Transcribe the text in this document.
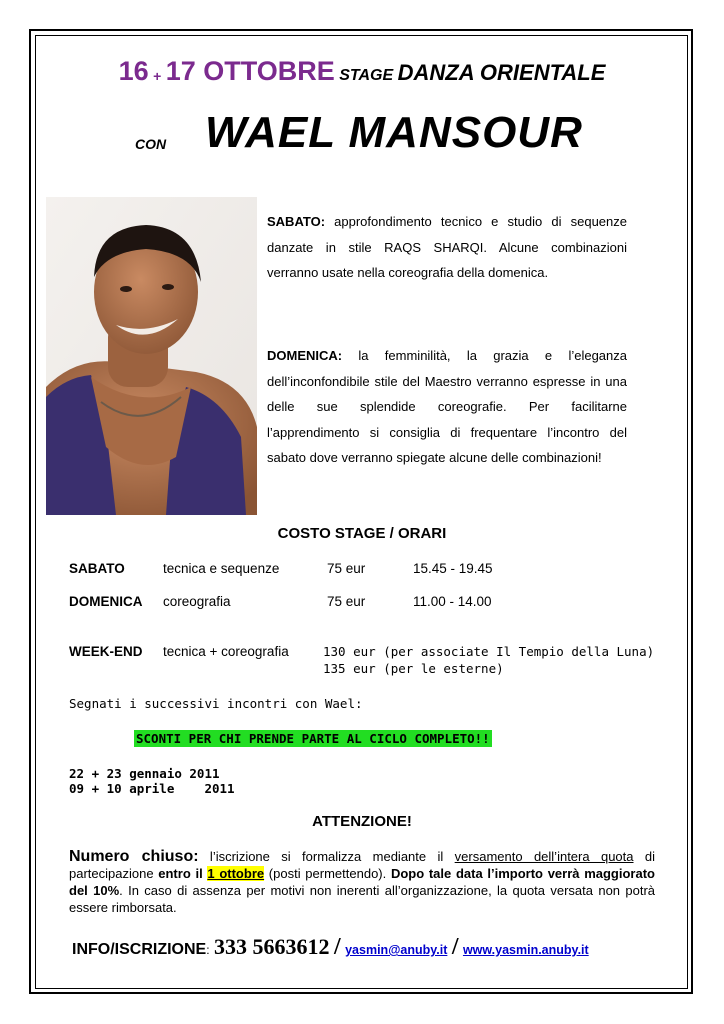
16 + 17 OTTOBRE STAGE DANZA ORIENTALE
CON WAEL MANSOUR
SABATO: approfondimento tecnico e studio di sequenze danzate in stile RAQS SHARQI. Alcune combinazioni verranno usate nella coreografia della domenica.
DOMENICA: la femminilità, la grazia e l’eleganza dell’inconfondibile stile del Maestro verranno espresse in una delle sue splendide coreografie. Per facilitarne l’apprendimento si consiglia di frequentare l’incontro del sabato dove verranno spiegate alcune delle combinazioni!
COSTO STAGE / ORARI
SABATO	tecnica e sequenze	75 eur	15.45 - 19.45
DOMENICA coreografia	75 eur	11.00 - 14.00
WEEK-END tecnica + coreografia	130 eur (per associate Il Tempio della Luna)
135 eur (per le esterne)
Segnati i successivi incontri con Wael:
SCONTI PER CHI PRENDE PARTE AL CICLO COMPLETO!!
22 + 23 gennaio 2011
09 + 10 aprile    2011
ATTENZIONE!
Numero chiuso: l’iscrizione si formalizza mediante il versamento dell’intera quota di partecipazione entro il 1 ottobre (posti permettendo). Dopo tale data l’importo verrà maggiorato del 10%. In caso di assenza per motivi non inerenti all’organizzazione, la quota versata non potrà essere rimborsata.
INFO/ISCRIZIONE: 333 5663612 / yasmin@anuby.it / www.yasmin.anuby.it
